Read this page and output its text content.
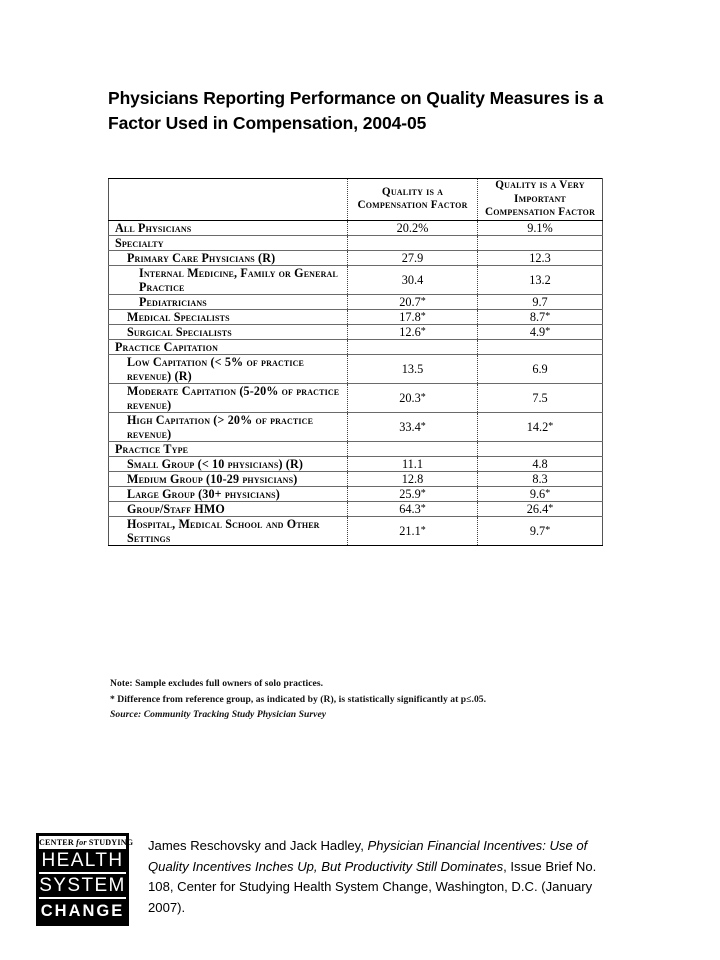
Physicians Reporting Performance on Quality Measures is a Factor Used in Compensation, 2004-05
	Quality is a Compensation Factor	Quality is a Very Important Compensation Factor
All Physicians	20.2%	9.1%
Specialty		
Primary Care Physicians (R)	27.9	12.3
Internal Medicine, Family or General Practice	30.4	13.2
Pediatricians	20.7*	9.7
Medical Specialists	17.8*	8.7*
Surgical Specialists	12.6*	4.9*
Practice Capitation		
Low Capitation (< 5% of practice revenue) (R)	13.5	6.9
Moderate Capitation (5-20% of practice revenue)	20.3*	7.5
High Capitation (> 20% of practice revenue)	33.4*	14.2*
Practice Type		
Small Group (< 10 physicians) (R)	11.1	4.8
Medium Group (10-29 physicians)	12.8	8.3
Large Group (30+ physicians)	25.9*	9.6*
Group/Staff HMO	64.3*	26.4*
Hospital, Medical School and Other Settings	21.1*	9.7*
Note: Sample excludes full owners of solo practices.
* Difference from reference group, as indicated by (R), is statistically significantly at p≤.05.
Source: Community Tracking Study Physician Survey
CENTER for STUDYING
HEALTH
SYSTEM
CHANGE
James Reschovsky and Jack Hadley, Physician Financial Incentives: Use of Quality Incentives Inches Up, But Productivity Still Dominates, Issue Brief No. 108, Center for Studying Health System Change, Washington, D.C. (January 2007).
